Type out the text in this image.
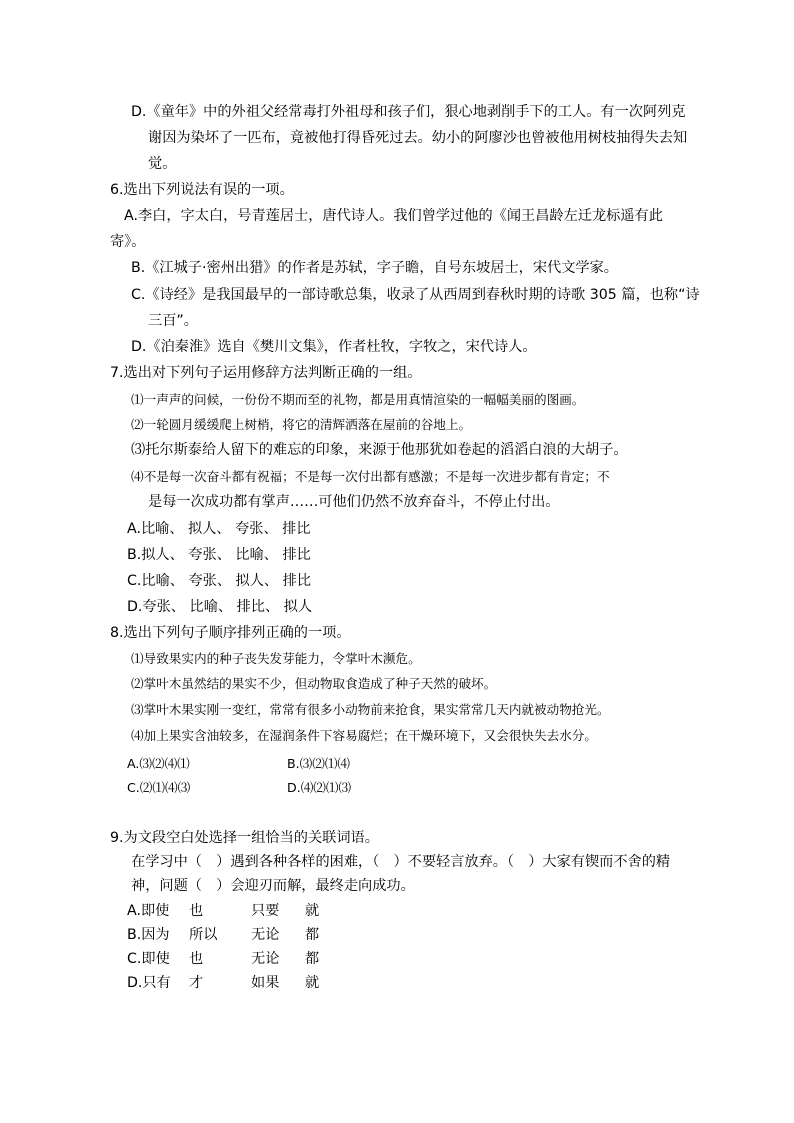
D.《童年》中的外祖父经常毒打外祖母和孩子们，狠心地剥削手下的工人。有一次阿列克
谢因为染坏了一匹布，竟被他打得昏死过去。幼小的阿廖沙也曾被他用树枝抽得失去知
觉。
6.选出下列说法有误的一项。
A.李白，字太白，号青莲居士，唐代诗人。我们曾学过他的《闻王昌龄左迁龙标遥有此
寄》。
B.《江城子·密州出猎》的作者是苏轼，字子瞻，自号东坡居士，宋代文学家。
C.《诗经》是我国最早的一部诗歌总集，收录了从西周到春秋时期的诗歌 305 篇，也称“诗
三百”。
D.《泊秦淮》选自《樊川文集》，作者杜牧，字牧之，宋代诗人。
7.选出对下列句子运用修辞方法判断正确的一组。
⑴一声声的问候，一份份不期而至的礼物，都是用真情渲染的一幅幅美丽的图画。
⑵一轮圆月缓缓爬上树梢，将它的清辉洒落在屋前的谷地上。
⑶托尔斯泰给人留下的难忘的印象，来源于他那犹如卷起的滔滔白浪的大胡子。
⑷不是每一次奋斗都有祝福；不是每一次付出都有感激；不是每一次进步都有肯定；不
是每一次成功都有掌声……可他们仍然不放弃奋斗，不停止付出。
A.比喻、 拟人、 夸张、 排比
B.拟人、 夸张、 比喻、 排比
C.比喻、 夸张、 拟人、 排比
D.夸张、 比喻、 排比、 拟人
8.选出下列句子顺序排列正确的一项。
⑴导致果实内的种子丧失发芽能力，令掌叶木濒危。
⑵掌叶木虽然结的果实不少，但动物取食造成了种子天然的破坏。
⑶掌叶木果实刚一变红，常常有很多小动物前来抢食，果实常常几天内就被动物抢光。
⑷加上果实含油较多，在湿润条件下容易腐烂；在干燥环境下，又会很快失去水分。
A.⑶⑵⑷⑴	B.⑶⑵⑴⑷
C.⑵⑴⑷⑶	D.⑷⑵⑴⑶
9.为文段空白处选择一组恰当的关联词语。
在学习中（　）遇到各种各样的困难，（　）不要轻言放弃。（　）大家有锲而不舍的精
神，问题（　）会迎刃而解，最终走向成功。
A.即使 也	只要 就
B.因为 所以 无论 都
C.即使 也	无论 都
D.只有 才	如果 就
